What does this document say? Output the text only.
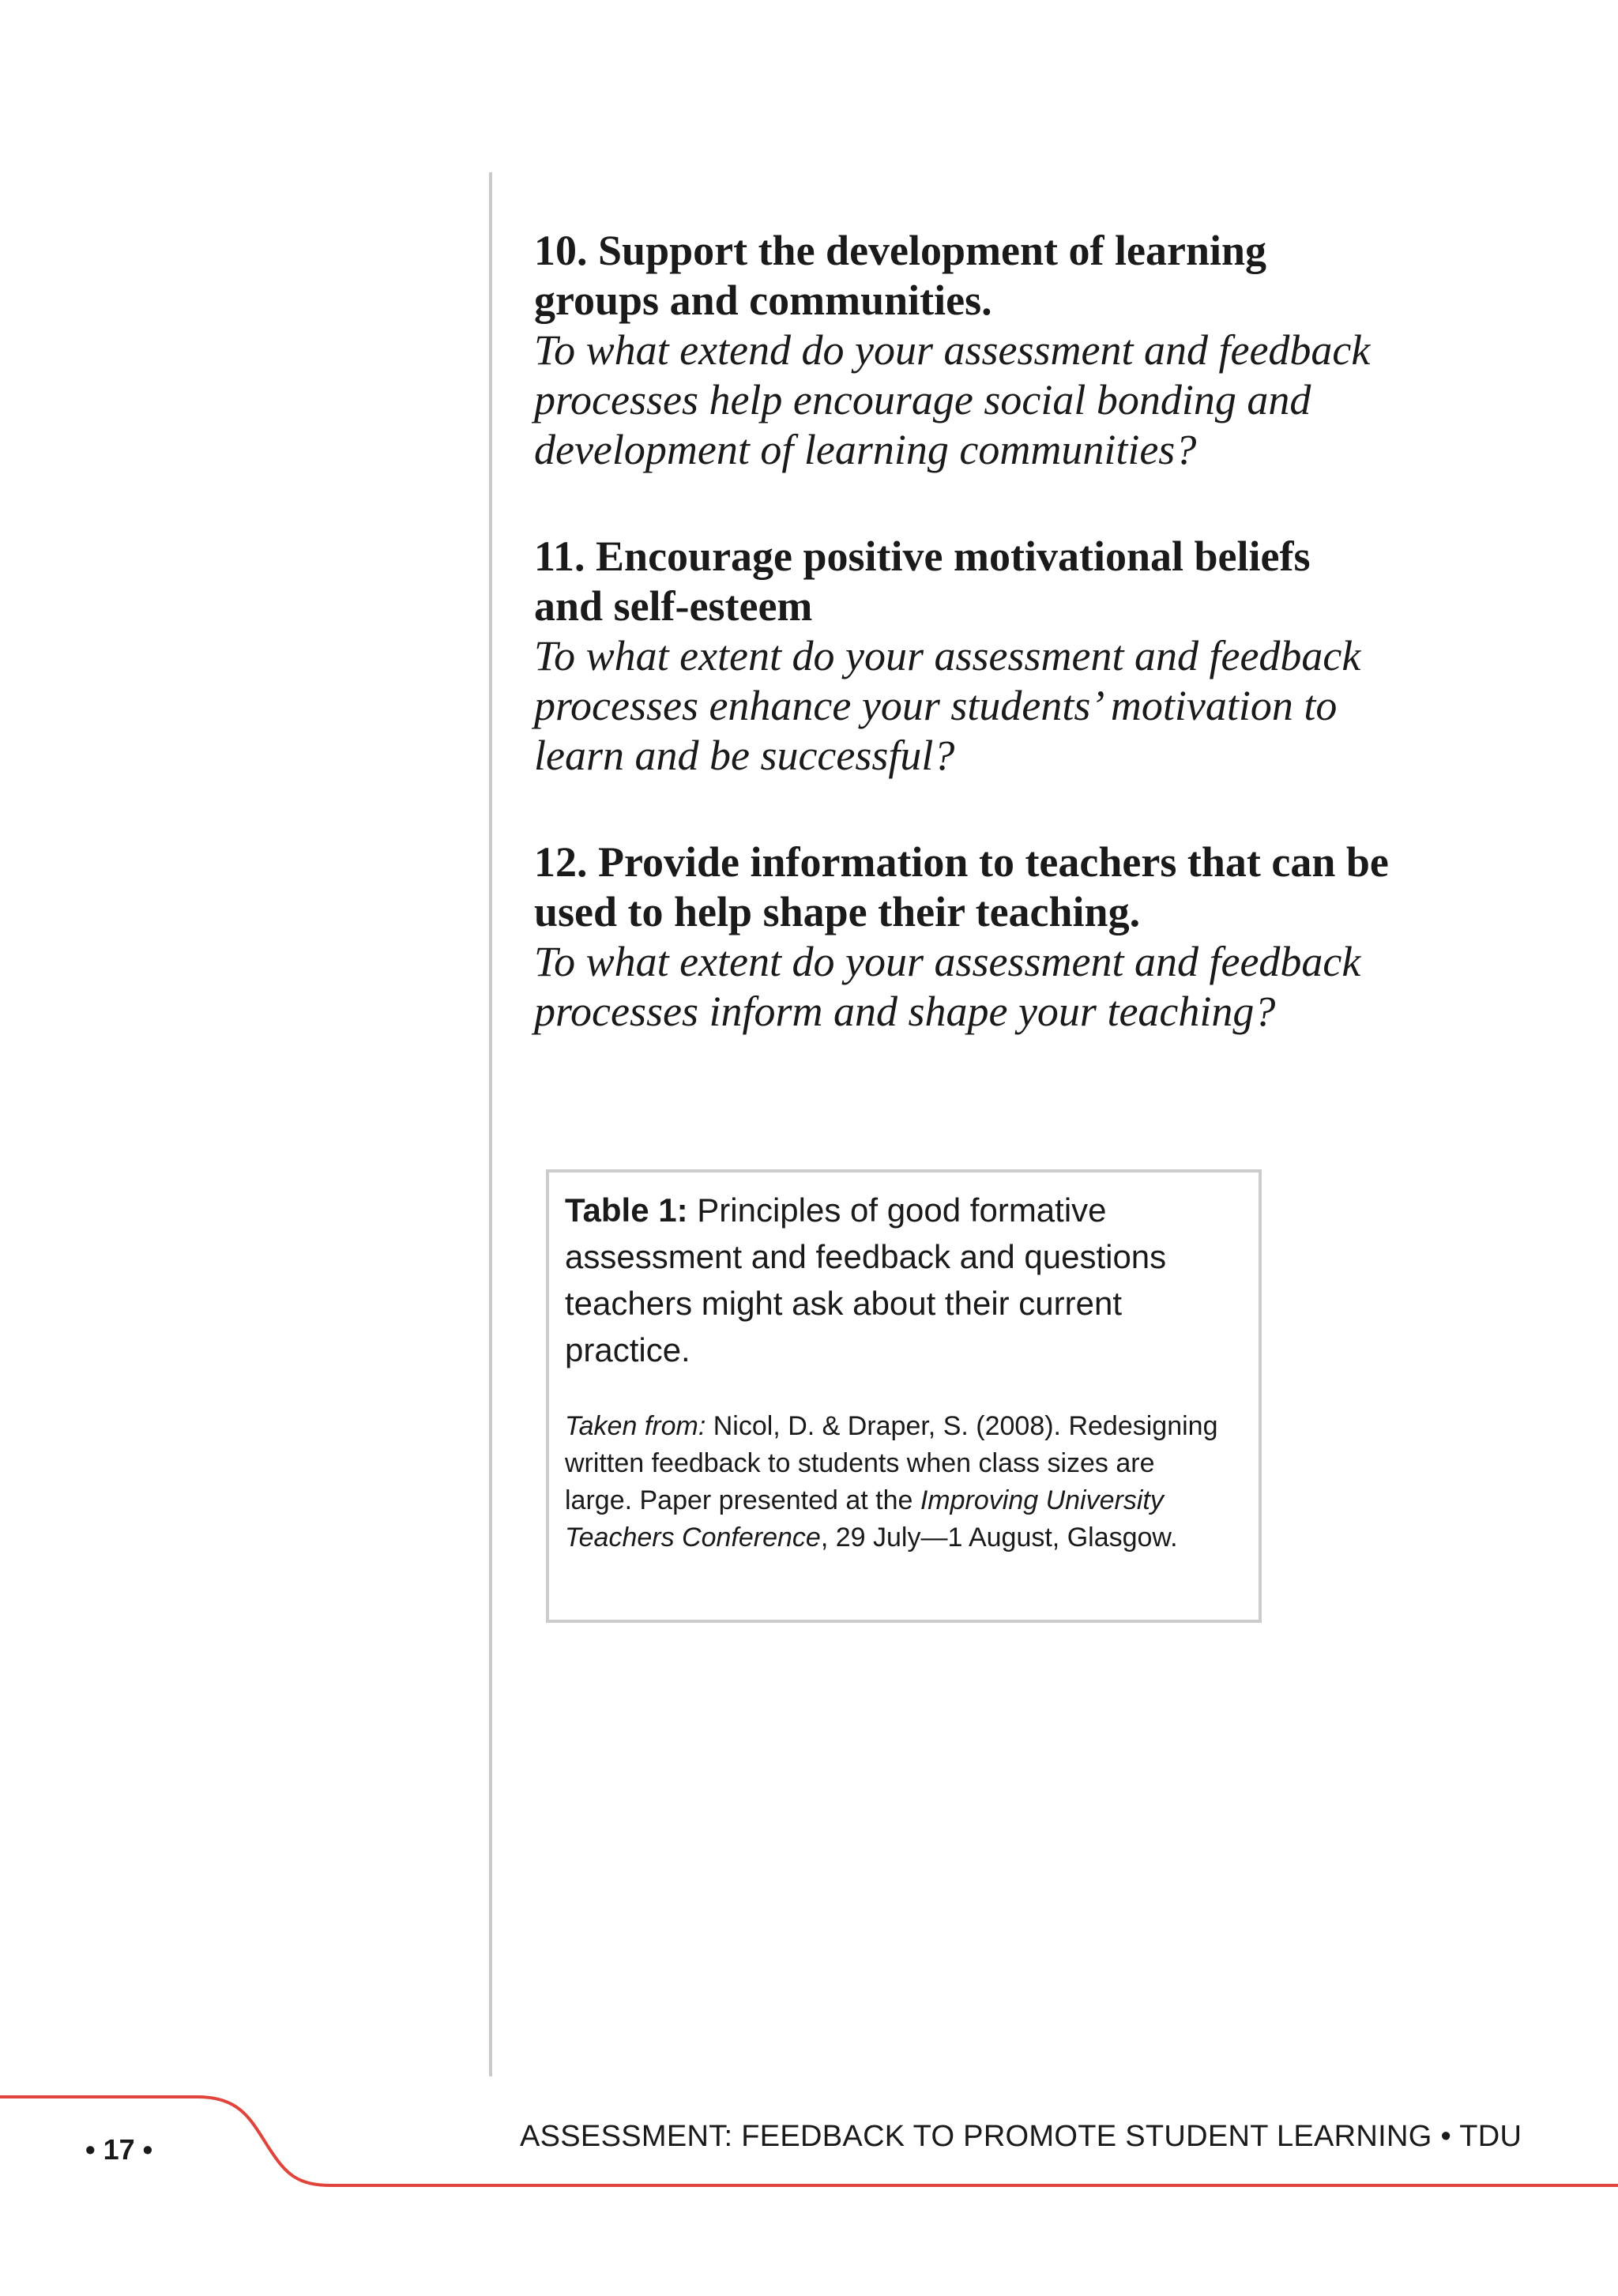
10. Support the development of learning
groups and communities.

To what extend do your assessment and feedback
processes help encourage social bonding and
development of learning communities?

11. Encourage positive motivational beliefs
and self-esteem

To what extent do your assessment and feedback
processes enhance your students’ motivation to
learn and be successful?

12. Provide information to teachers that can be
used to help shape their teaching.

To what extent do your assessment and feedback
processes inform and shape your teaching?

Table 1: Principles of good formative
assessment and feedback and questions
teachers might ask about their current
practice.

Taken from: Nicol, D. & Draper, S. (2008). Redesigning
written feedback to students when class sizes are
large. Paper presented at the Improving University
Teachers Conference, 29 July—1 August, Glasgow.

• 17 •	ASSESSMENT: FEEDBACK TO PROMOTE STUDENT LEARNING • TDU
